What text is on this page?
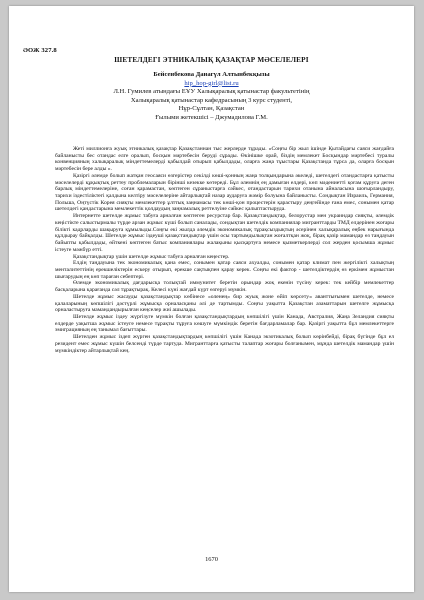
ӘОЖ 327.8
ШЕТЕЛДЕГІ ЭТНИКАЛЫҚ ҚАЗАҚТАР МӘСЕЛЕЛЕРІ
Бейсенбекова Данагүл Алтынбекқызы
hip_hop-girl@list.ru
Л.Н. Гумилев атындағы ЕҰУ Халықаралық қатынастар факультетінің
Халықаралық қатынастар кафедрасының 3 курс студенті,
Нұр-Сұлтан, Қазақстан
Ғылыми жетекшісі – Джумадилова Г.М.

Жеті миллионға жуық этникалық қазақтар Қазақстаннан тыс жерлерде тұрады. «Соңғы бір жыл ішінде Қытайдағы саяси жағдайға байланысты бес отандас елге оралып, босқын мәртебесін беруді сұрады. Өкінішке орай, біздің мемлекет Босқындар мәртебесі туралы конвенцияның халықаралық міндеттемелерді қабылдай отырып қабылдады, оларға жаңа тұыстары Қазақстанда тұрса да, оларға босқын мәртебесін бере алды ».

Қазіргі әлемде болып жатқан геосаяси өзгерістер секілді көші-қонның жаңа толқындарына әкеледі, шетелдегі отандастарға қатысты мәселелерді құқықтық реттеу проблемаларын бірінші кезекке көтереді. Бұл әлемнің ең дамыған елдері, көп мәдениетті қоғам құруға деген барлық міндеттемелеріне, соған қарамастан, көптеген сұраныстарға сәйкес, отандастарын тарихи отанына айналасына шоғырландыру, тарихи іздестіліктегі қалдына келтіру мәселелеріне айтарлықтай назар аударуға жәмір болуына байланысты. Сондықтан Израиль, Германия, Польша, Оңтүстік Корея сияқты мемлекеттер ұлттық заңнамасы тек көші-қон процестерін қарастыру деңгейінде ғана емес, сонымен қатар шетелдегі қандастарына мемлекеттік қолдаудың заңнамалық реттелуіне сәйкес қалыптастыруда.

Интернетте шетелде жұмыс табуға арналған көптеген ресурстар бар. Қазақстандықтар, белорустар мен украиндар сияқты, әлемдік кеңістікте салыстырмалы түрде арзан жұмыс күші болып саналады, сондықтан шетелдік компаниялар мигранттарды ТМД елдерінен жоғары білікті кадрларды шақыруға құмылыды.Соңғы екі жылда әлемдік экономикалық тұрақсыздықтың әсерінен халықаралық еңбек нарығында құлдырау байқалды. Шетелде жұмыс іздеуші қазақстандықтар үшін осы тартымдылықтан жоғалтқан жоқ, бірақ қазір мамандар өз таңдауын байыпты қабылдады, өйткені көптеген батыс компаниялары жалақыны қысқартуға немесе қызметкерлерді сол жерден қосымша жұмыс істеуге мәжбүр етті.

Қазақстандықтар үшін шетелде жұмыс табуға арналған кеңестер.

Елдің таңдауына тек экономикалық қана емес, сонымен қатар саяси ахуалды, сонымен қатар климат пен жергілікті халықтың менталитеттінің ерекшеліктерін ескеру отырып, ерекше сақтықпен қарау керек. Соңғы екі фактор - шетелдіктердің өз еркімен жұмыстан шығарудың ең көп тараған себептері.

Өлемде экономикалық дағдарысқа толықтай иммунитет беретін орындар жоқ екенін түсіну керек: тек кейбір мемлекеттер басқаларына қарағанда сәл тұрақтырақ. Келесі күні жағдай күрт өзгеруі мүмкін.

Шетелде жұмыс жасауды қазақстандықтар көбінесе «оленең» бир жуық жоне өйіп көрсету» аванттығымен шетелде, немесе қалаларының көпшілігі дәстүрлі жұмысқа орналаcқаны әлі де тартымды. Соңғы уақытта Қазақстан азаматтарын шетелге жұмысқа орналастыруға мамандандырылған кеңселер жиі ашылады.

Шетелде жұмыс іздеу жүргізуге мүмкін болған қазақстандықтардың көпшілігі үшін Канада, Австралия, Жаңа Зеландия сияқты елдерде уақытша жұмыс істеуге немесе тұрақты тұруға көшуге мүмкіндік беретін бағдарламалар бар. Қазіргі уақытта бұл мемлекеттерге эмиграцияның ең танымал бағыттары.

Шетелден жұмыс іздеп жүрген қазақстандықтардың көпшілігі үшін Канада экзотикалық болып көрінбейді, бірақ бүгінде бұл ел резидент емес жұмыс күшін белсенді түрде тартуда. Мигранттарға қатысты талаптар жоғары болғанымен, мұнда шетелдік мамандар үшін мүмкіндіктер айтарлықтай кең.

1670
